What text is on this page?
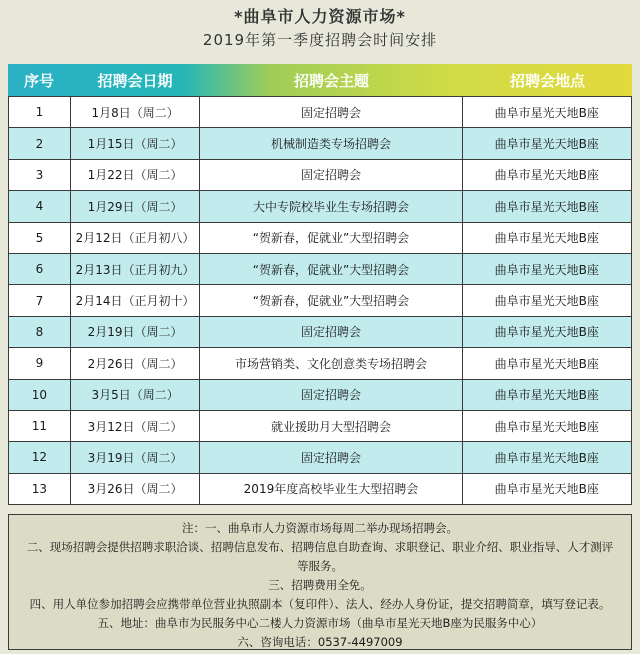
*曲阜市人力资源市场*
2019年第一季度招聘会时间安排
序号	招聘会日期	招聘会主题	招聘会地点
1	1月8日（周二）	固定招聘会	曲阜市星光天地B座
2	1月15日（周二）	机械制造类专场招聘会	曲阜市星光天地B座
3	1月22日（周二）	固定招聘会	曲阜市星光天地B座
4	1月29日（周二）	大中专院校毕业生专场招聘会	曲阜市星光天地B座
5	2月12日（正月初八）	“贺新春，促就业”大型招聘会	曲阜市星光天地B座
6	2月13日（正月初九）	“贺新春，促就业”大型招聘会	曲阜市星光天地B座
7	2月14日（正月初十）	“贺新春，促就业”大型招聘会	曲阜市星光天地B座
8	2月19日（周二）	固定招聘会	曲阜市星光天地B座
9	2月26日（周二）	市场营销类、文化创意类专场招聘会	曲阜市星光天地B座
10	3月5日（周二）	固定招聘会	曲阜市星光天地B座
11	3月12日（周二）	就业援助月大型招聘会	曲阜市星光天地B座
12	3月19日（周二）	固定招聘会	曲阜市星光天地B座
13	3月26日（周二）	2019年度高校毕业生大型招聘会	曲阜市星光天地B座
注：一、曲阜市人力资源市场每周二举办现场招聘会。
二、现场招聘会提供招聘求职洽谈、招聘信息发布、招聘信息自助查询、求职登记、职业介绍、职业指导、人才测评
等服务。
三、招聘费用全免。
四、用人单位参加招聘会应携带单位营业执照副本（复印件）、法人、经办人身份证，提交招聘简章，填写登记表。
五、地址：曲阜市为民服务中心二楼人力资源市场（曲阜市星光天地B座为民服务中心）
六、咨询电话：0537-4497009
